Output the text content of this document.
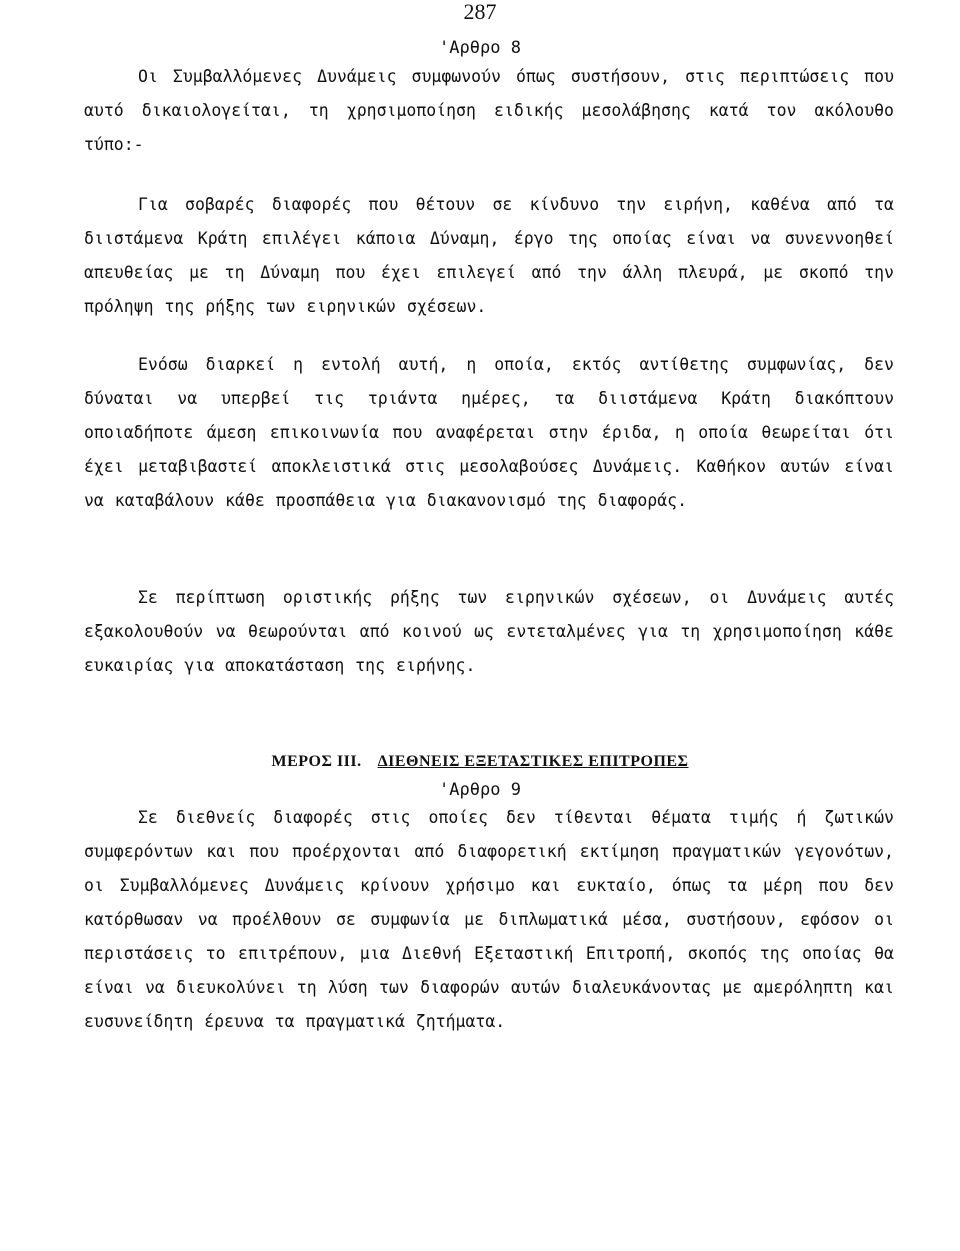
287
'Αρθρο 8

Οι Συμβαλλόμενες Δυνάμεις συμφωνούν όπως συστήσουν, στις περιπτώσεις που αυτό δικαιολογείται, τη χρησιμοποίηση ειδικής μεσολάβησης κατά τον ακόλουθο τύπο:-

Για σοβαρές διαφορές που θέτουν σε κίνδυνο την ειρήνη, καθένα από τα διιστάμενα Κράτη επιλέγει κάποια Δύναμη, έργο της οποίας είναι να συνεννοηθεί απευθείας με τη Δύναμη που έχει επιλεγεί από την άλλη πλευρά, με σκοπό την πρόληψη της ρήξης των ειρηνικών σχέσεων.

Ενόσω διαρκεί η εντολή αυτή, η οποία, εκτός αντίθετης συμφωνίας, δεν δύναται να υπερβεί τις τριάντα ημέρες, τα διιστάμενα Κράτη διακόπτουν οποιαδήποτε άμεση επικοινωνία που αναφέρεται στην έριδα, η οποία θεωρείται ότι έχει μεταβιβαστεί αποκλειστικά στις μεσολαβούσες Δυνάμεις. Καθήκον αυτών είναι να καταβάλουν κάθε προσπάθεια για διακανονισμό της διαφοράς.

Σε περίπτωση οριστικής ρήξης των ειρηνικών σχέσεων, οι Δυνάμεις αυτές εξακολουθούν να θεωρούνται από κοινού ως εντεταλμένες για τη χρησιμοποίηση κάθε ευκαιρίας για αποκατάσταση της ειρήνης.

ΜΕΡΟΣ III. ΔΙΕΘΝΕΙΣ ΕΞΕΤΑΣΤΙΚΕΣ ΕΠΙΤΡΟΠΕΣ
'Αρθρο 9

Σε διεθνείς διαφορές στις οποίες δεν τίθενται θέματα τιμής ή ζωτικών συμφερόντων και που προέρχονται από διαφορετική εκτίμηση πραγματικών γεγονότων, οι Συμβαλλόμενες Δυνάμεις κρίνουν χρήσιμο και ευκταίο, όπως τα μέρη που δεν κατόρθωσαν να προέλθουν σε συμφωνία με διπλωματικά μέσα, συστήσουν, εφόσον οι περιστάσεις το επιτρέπουν, μια Διεθνή Εξεταστική Επιτροπή, σκοπός της οποίας θα είναι να διευκολύνει τη λύση των διαφορών αυτών διαλευκάνοντας με αμερόληπτη και ευσυνείδητη έρευνα τα πραγματικά ζητήματα.
